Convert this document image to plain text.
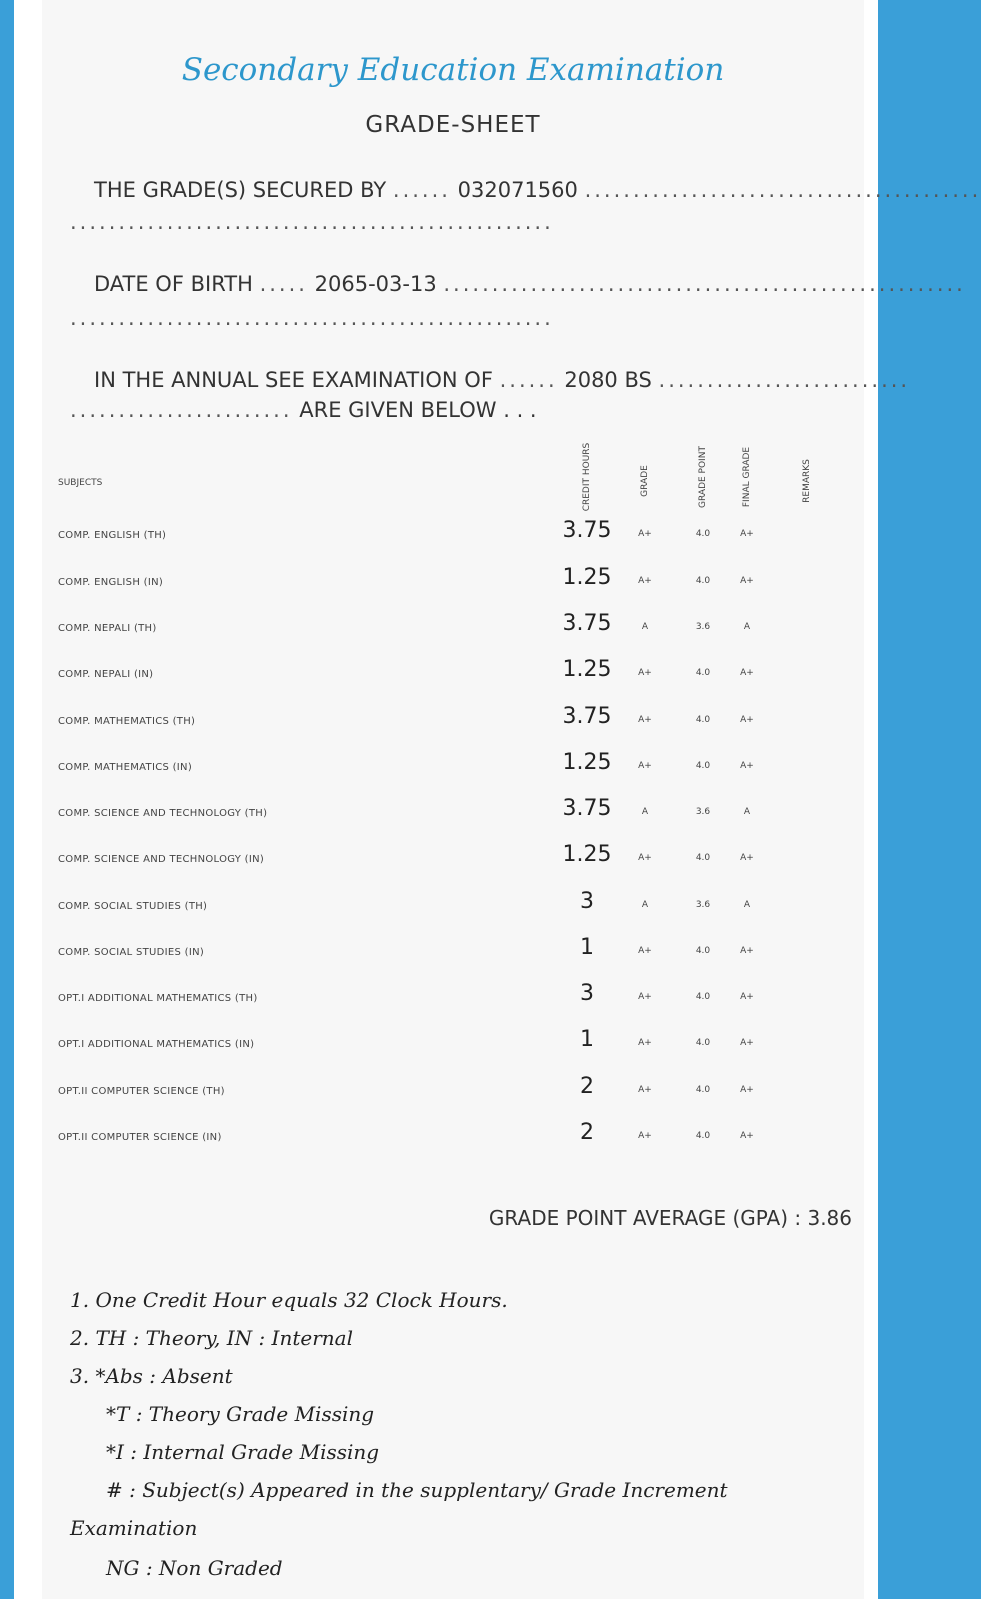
Secondary Education Examination
GRADE-SHEET
THE GRADE(S) SECURED BY ...... 032071560 .........................................
..................................................
DATE OF BIRTH ..... 2065-03-13 ......................................................
..................................................
IN THE ANNUAL SEE EXAMINATION OF ...... 2080 BS ..........................
....................... ARE GIVEN BELOW . . .
SUBJECTS	CREDIT HOURS	GRADE	GRADE POINT	FINAL GRADE	REMARKS
COMP. ENGLISH (TH)	3.75	A+	4.0	A+
COMP. ENGLISH (IN)	1.25	A+	4.0	A+
COMP. NEPALI (TH)	3.75	A	3.6	A
COMP. NEPALI (IN)	1.25	A+	4.0	A+
COMP. MATHEMATICS (TH)	3.75	A+	4.0	A+
COMP. MATHEMATICS (IN)	1.25	A+	4.0	A+
COMP. SCIENCE AND TECHNOLOGY (TH)	3.75	A	3.6	A
COMP. SCIENCE AND TECHNOLOGY (IN)	1.25	A+	4.0	A+
COMP. SOCIAL STUDIES (TH)	3	A	3.6	A
COMP. SOCIAL STUDIES (IN)	1	A+	4.0	A+
OPT.I ADDITIONAL MATHEMATICS (TH)	3	A+	4.0	A+
OPT.I ADDITIONAL MATHEMATICS (IN)	1	A+	4.0	A+
OPT.II COMPUTER SCIENCE (TH)	2	A+	4.0	A+
OPT.II COMPUTER SCIENCE (IN)	2	A+	4.0	A+
GRADE POINT AVERAGE (GPA) : 3.86
1. One Credit Hour equals 32 Clock Hours.
2. TH : Theory, IN : Internal
3. *Abs : Absent
*T : Theory Grade Missing
*I : Internal Grade Missing
# : Subject(s) Appeared in the supplentary/ Grade Increment
Examination
NG : Non Graded
